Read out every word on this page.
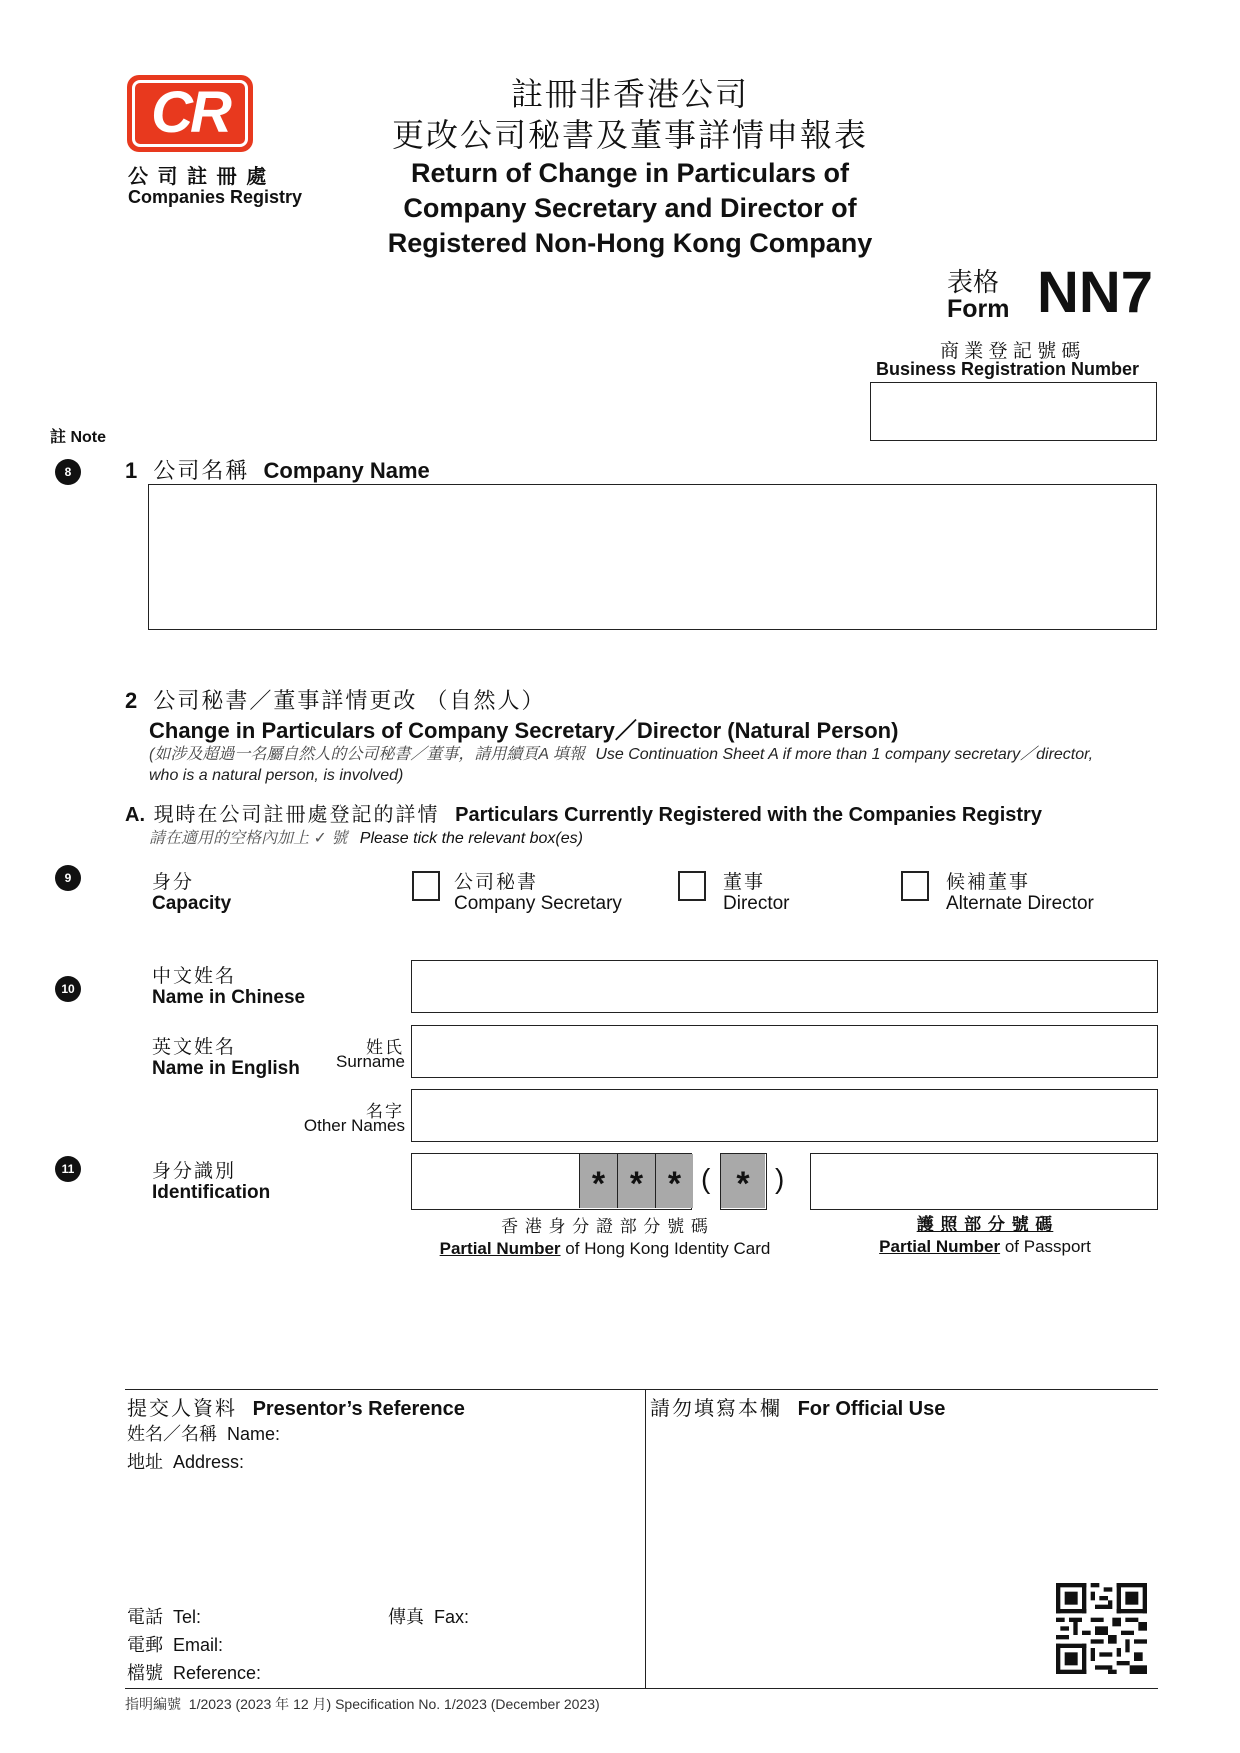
CR
公 司 註 冊 處
Companies Registry
註冊非香港公司
更改公司秘書及董事詳情申報表
Return of Change in Particulars of
Company Secretary and Director of
Registered Non-Hong Kong Company
表格
Form NN7
商 業 登 記 號 碼
Business Registration Number
註 Note
8
9
10
11
1 公司名稱 Company Name
2 公司秘書／董事詳情更改 （自然人）
Change in Particulars of Company Secretary／Director (Natural Person)
(如涉及超過一名屬自然人的公司秘書／董事，請用續頁A 填報 Use Continuation Sheet A if more than 1 company secretary／director,
who is a natural person, is involved)
A. 現時在公司註冊處登記的詳情 Particulars Currently Registered with the Companies Registry
請在適用的空格內加上 ✓ 號 Please tick the relevant box(es)
身分
Capacity
公司秘書
Company Secretary
董事
Director
候補董事
Alternate Director
中文姓名
Name in Chinese
英文姓名
Name in English
姓氏
Surname
名字
Other Names
身分識別
Identification	* * * ( * )
香 港 身 分 證 部 分 號 碼
Partial Number of Hong Kong Identity Card
護 照 部 分 號 碼
Partial Number of Passport
提交人資料 Presentor’s Reference
姓名／名稱  Name:
地址  Address:
電話  Tel:	傳真  Fax:
電郵  Email:
檔號  Reference:
請勿填寫本欄 For Official Use
指明編號  1/2023 (2023 年 12 月) Specification No. 1/2023 (December 2023)
